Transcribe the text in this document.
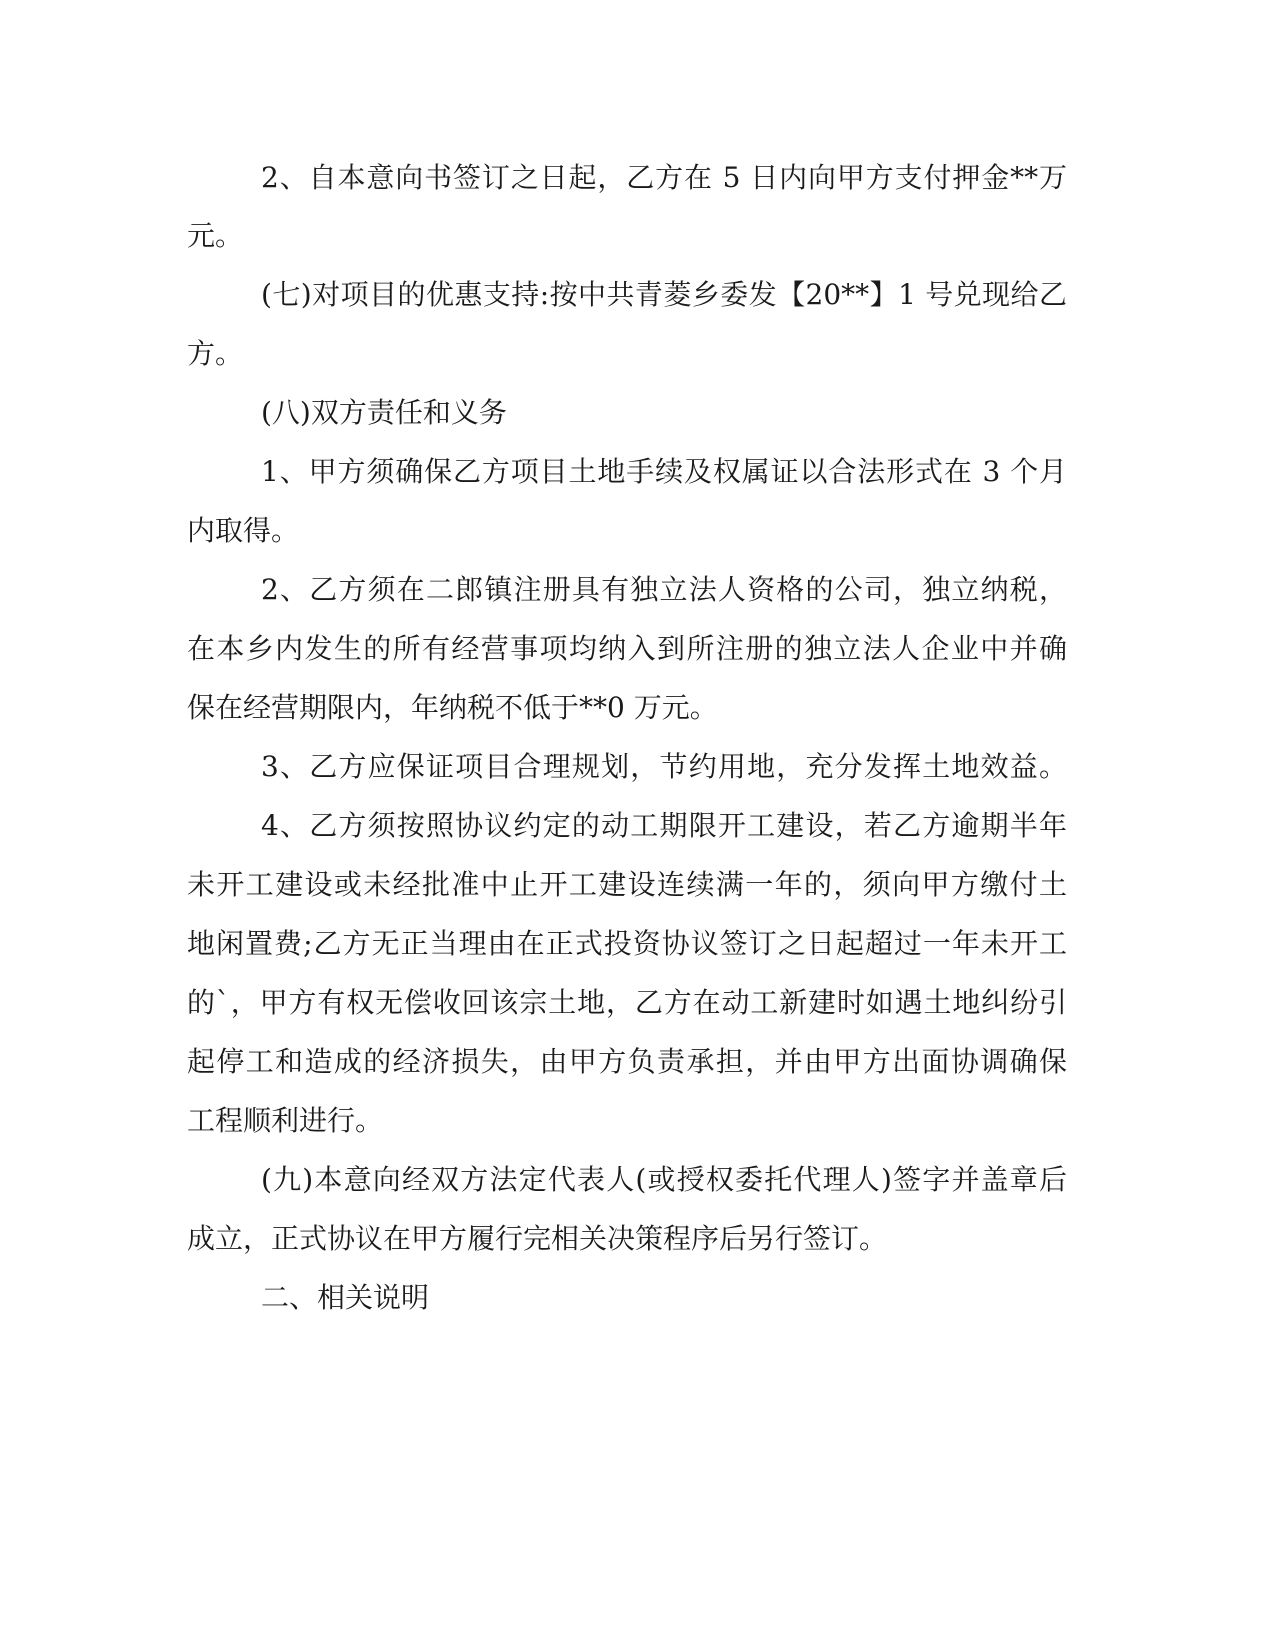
2、自本意向书签订之日起，乙方在 5 日内向甲方支付押金**万
元。
(七)对项目的优惠支持:按中共青菱乡委发【20**】1 号兑现给乙
方。
(八)双方责任和义务
1、甲方须确保乙方项目土地手续及权属证以合法形式在 3 个月
内取得。
2、乙方须在二郎镇注册具有独立法人资格的公司，独立纳税，
在本乡内发生的所有经营事项均纳入到所注册的独立法人企业中并确
保在经营期限内，年纳税不低于**0 万元。
3、乙方应保证项目合理规划，节约用地，充分发挥土地效益。
4、乙方须按照协议约定的动工期限开工建设，若乙方逾期半年
未开工建设或未经批准中止开工建设连续满一年的，须向甲方缴付土
地闲置费;乙方无正当理由在正式投资协议签订之日起超过一年未开工
的`，甲方有权无偿收回该宗土地，乙方在动工新建时如遇土地纠纷引
起停工和造成的经济损失，由甲方负责承担，并由甲方出面协调确保
工程顺利进行。
(九)本意向经双方法定代表人(或授权委托代理人)签字并盖章后
成立，正式协议在甲方履行完相关决策程序后另行签订。
二、相关说明
